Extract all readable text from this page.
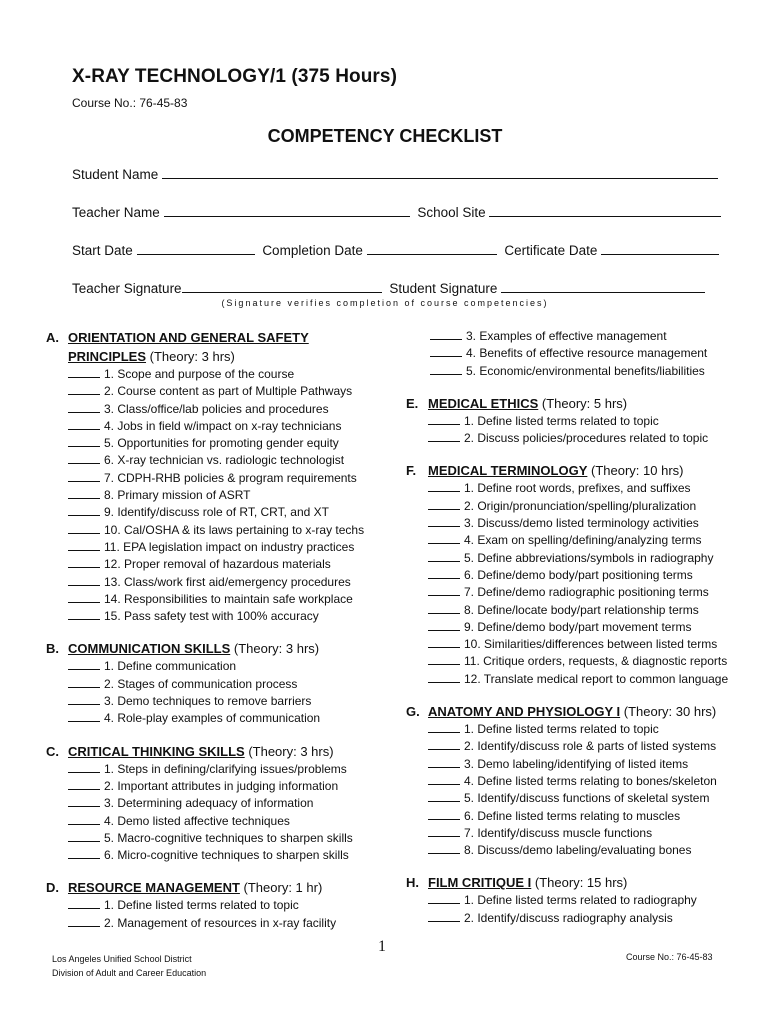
X-RAY TECHNOLOGY/1 (375 Hours)
Course No.: 76-45-83
COMPETENCY CHECKLIST
Student Name
Teacher Name	School Site
Start Date	Completion Date	Certificate Date
Teacher Signature	Student Signature
(Signature verifies completion of course competencies)
A. ORIENTATION AND GENERAL SAFETY
PRINCIPLES (Theory: 3 hrs)
1. Scope and purpose of the course
2. Course content as part of Multiple Pathways
3. Class/office/lab policies and procedures
4. Jobs in field w/impact on x-ray technicians
5. Opportunities for promoting gender equity
6. X-ray technician vs. radiologic technologist
7. CDPH-RHB policies & program requirements
8. Primary mission of ASRT
9. Identify/discuss role of RT, CRT, and XT
10. Cal/OSHA & its laws pertaining to x-ray techs
11. EPA legislation impact on industry practices
12. Proper removal of hazardous materials
13. Class/work first aid/emergency procedures
14. Responsibilities to maintain safe workplace
15. Pass safety test with 100% accuracy
B. COMMUNICATION SKILLS (Theory: 3 hrs)
1. Define communication
2. Stages of communication process
3. Demo techniques to remove barriers
4. Role-play examples of communication
C. CRITICAL THINKING SKILLS (Theory: 3 hrs)
1. Steps in defining/clarifying issues/problems
2. Important attributes in judging information
3. Determining adequacy of information
4. Demo listed affective techniques
5. Macro-cognitive techniques to sharpen skills
6. Micro-cognitive techniques to sharpen skills
D. RESOURCE MANAGEMENT (Theory: 1 hr)
1. Define listed terms related to topic
2. Management of resources in x-ray facility
3. Examples of effective management
4. Benefits of effective resource management
5. Economic/environmental benefits/liabilities
E. MEDICAL ETHICS (Theory: 5 hrs)
1. Define listed terms related to topic
2. Discuss policies/procedures related to topic
F. MEDICAL TERMINOLOGY (Theory: 10 hrs)
1. Define root words, prefixes, and suffixes
2. Origin/pronunciation/spelling/pluralization
3. Discuss/demo listed terminology activities
4. Exam on spelling/defining/analyzing terms
5. Define abbreviations/symbols in radiography
6. Define/demo body/part positioning terms
7. Define/demo radiographic positioning terms
8. Define/locate body/part relationship terms
9. Define/demo body/part movement terms
10. Similarities/differences between listed terms
11. Critique orders, requests, & diagnostic reports
12. Translate medical report to common language
G. ANATOMY AND PHYSIOLOGY I (Theory: 30 hrs)
1. Define listed terms related to topic
2. Identify/discuss role & parts of listed systems
3. Demo labeling/identifying of listed items
4. Define listed terms relating to bones/skeleton
5. Identify/discuss functions of skeletal system
6. Define listed terms relating to muscles
7. Identify/discuss muscle functions
8. Discuss/demo labeling/evaluating bones
H. FILM CRITIQUE I (Theory: 15 hrs)
1. Define listed terms related to radiography
2. Identify/discuss radiography analysis
1
Los Angeles Unified School District
Division of Adult and Career Education
Course No.: 76-45-83
